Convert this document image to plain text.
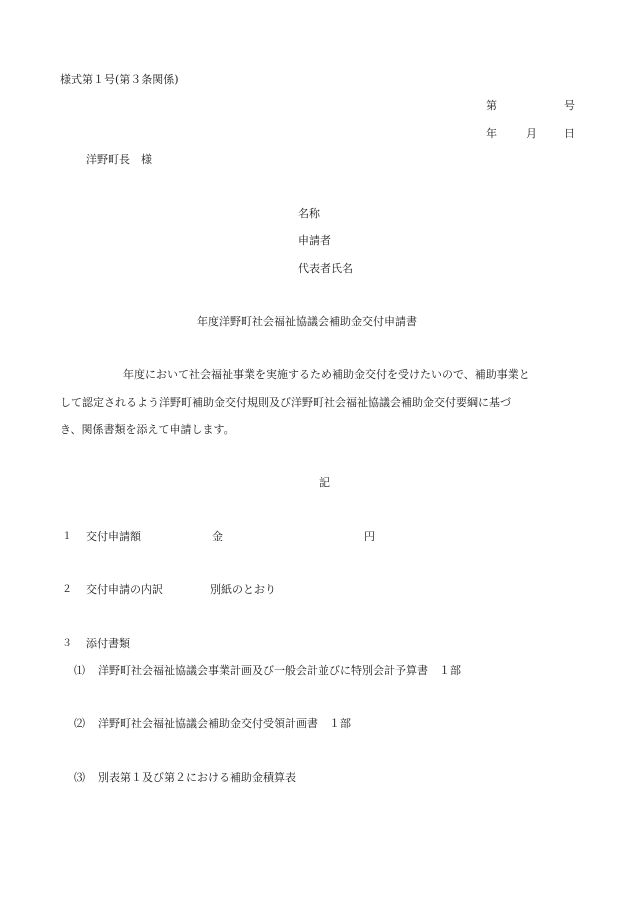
様式第１号(第３条関係)
第	号
年	月 日
洋野町長　様
名称
申請者
代表者氏名
年度洋野町社会福祉協議会補助金交付申請書
年度において社会福祉事業を実施するため補助金交付を受けたいので、補助事業と
して認定されるよう洋野町補助金交付規則及び洋野町社会福祉協議会補助金交付要綱に基づ
き、関係書類を添えて申請します。
記
１ 交付申請額	金	円
２ 交付申請の内訳	別紙のとおり
３ 添付書類
⑴ 洋野町社会福祉協議会事業計画及び一般会計並びに特別会計予算書　１部
⑵ 洋野町社会福祉協議会補助金交付受領計画書　１部
⑶ 別表第１及び第２における補助金積算表
